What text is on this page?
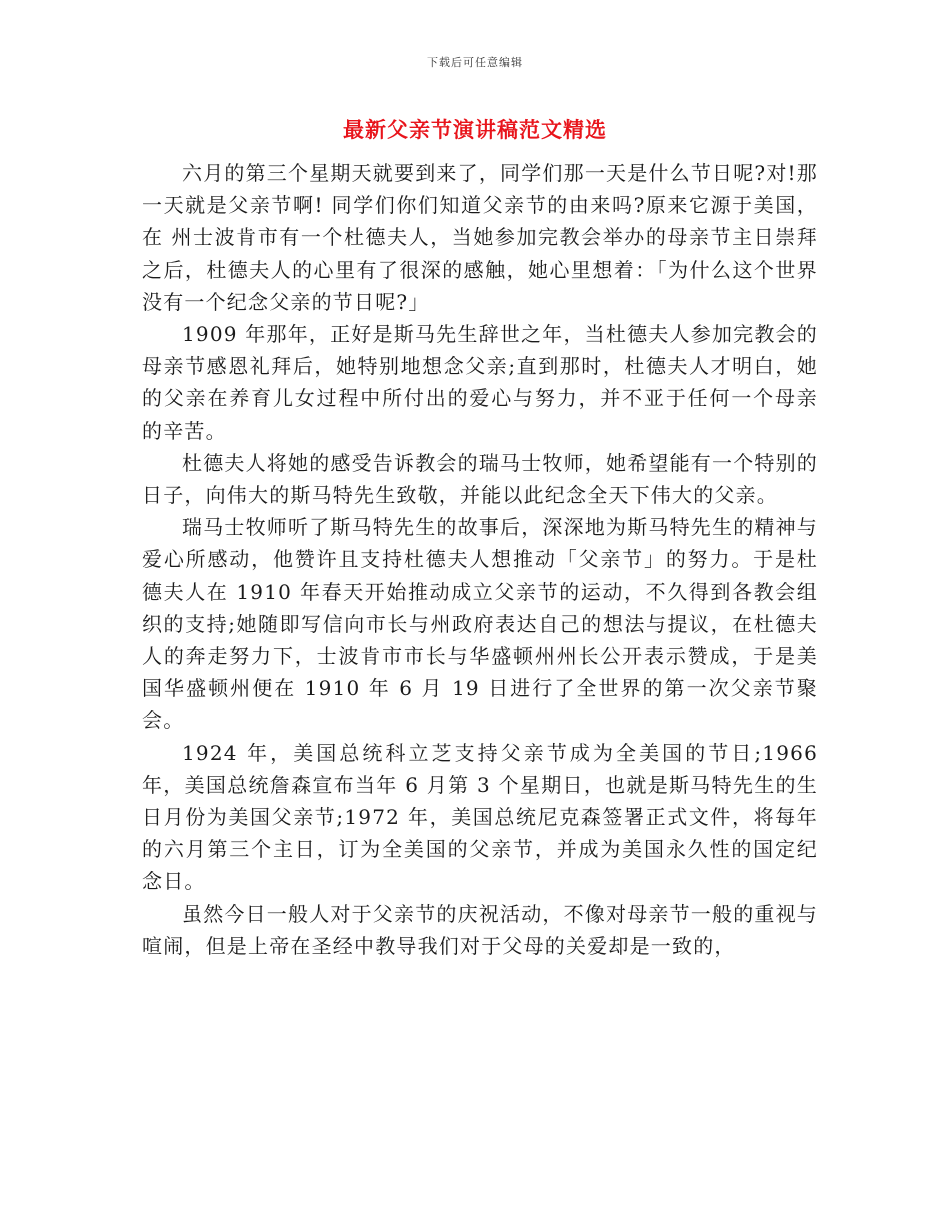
下载后可任意编辑
最新父亲节演讲稿范文精选

六月的第三个星期天就要到来了，同学们那一天是什么节日呢?对!那一天就是父亲节啊! 同学们你们知道父亲节的由来吗?原来它源于美国，在 州士波肯市有一个杜德夫人，当她参加完教会举办的母亲节主日崇拜之后，杜德夫人的心里有了很深的感触，她心里想着：「为什么这个世界没有一个纪念父亲的节日呢?」

1909 年那年，正好是斯马先生辞世之年，当杜德夫人参加完教会的母亲节感恩礼拜后，她特别地想念父亲;直到那时，杜德夫人才明白，她的父亲在养育儿女过程中所付出的爱心与努力，并不亚于任何一个母亲的辛苦。

杜德夫人将她的感受告诉教会的瑞马士牧师，她希望能有一个特别的日子，向伟大的斯马特先生致敬，并能以此纪念全天下伟大的父亲。

瑞马士牧师听了斯马特先生的故事后，深深地为斯马特先生的精神与爱心所感动，他赞许且支持杜德夫人想推动「父亲节」的努力。于是杜德夫人在 1910 年春天开始推动成立父亲节的运动，不久得到各教会组织的支持;她随即写信向市长与州政府表达自己的想法与提议，在杜德夫人的奔走努力下，士波肯市市长与华盛顿州州长公开表示赞成，于是美国华盛顿州便在 1910 年 6 月 19 日进行了全世界的第一次父亲节聚会。

1924 年，美国总统科立芝支持父亲节成为全美国的节日;1966 年，美国总统詹森宣布当年 6 月第 3 个星期日，也就是斯马特先生的生日月份为美国父亲节;1972 年，美国总统尼克森签署正式文件，将每年的六月第三个主日，订为全美国的父亲节，并成为美国永久性的国定纪念日。

虽然今日一般人对于父亲节的庆祝活动，不像对母亲节一般的重视与喧闹，但是上帝在圣经中教导我们对于父母的关爱却是一致的，
